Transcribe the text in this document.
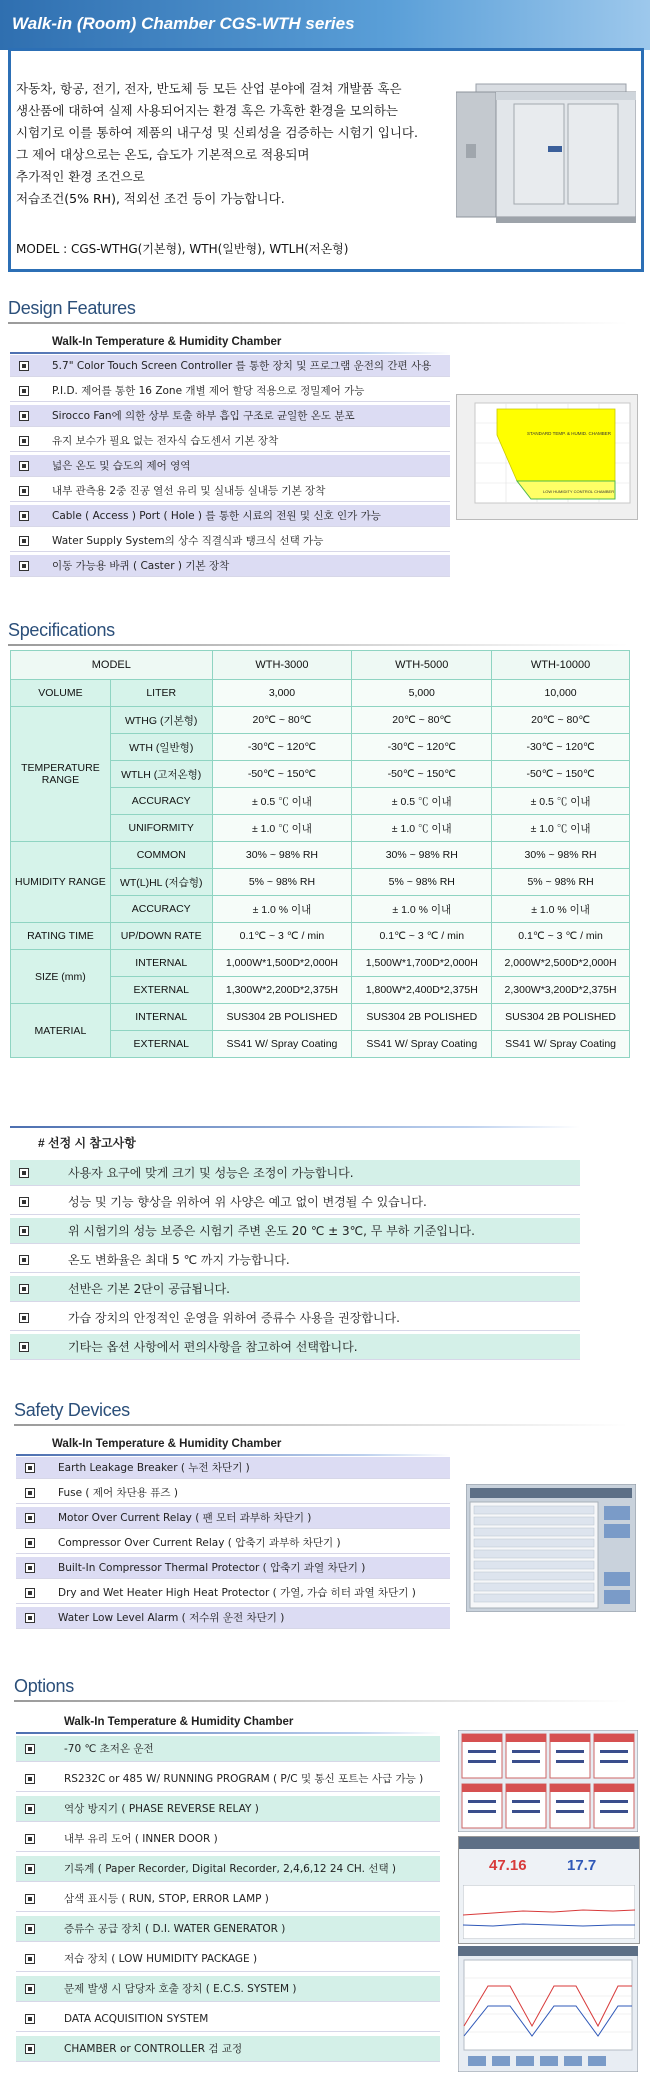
Walk-in (Room) Chamber CGS-WTH series
자동차, 항공, 전기, 전자, 반도체 등 모든 산업 분야에 걸쳐 개발품 혹은
생산품에 대하여 실제 사용되어지는 환경 혹은 가혹한 환경을 모의하는
시험기로 이를 통하여 제품의 내구성 및 신뢰성을 검증하는 시험기 입니다.
그 제어 대상으로는 온도, 습도가 기본적으로 적용되며
추가적인 환경 조건으로
저습조건(5% RH), 적외선 조건 등이 가능합니다.
MODEL : CGS-WTHG(기본형), WTH(일반형), WTLH(저온형)
Design Features
Walk-In Temperature & Humidity Chamber
5.7" Color Touch Screen Controller 를 통한 장치 및 프로그램 운전의 간편 사용
P.I.D. 제어를 통한 16 Zone 개별 제어 할당 적용으로 정밀제어 가능
Sirocco Fan에 의한 상부 토출 하부 흡입 구조로 균일한 온도 분포
유지 보수가 필요 없는 전자식 습도센서 기본 장착
넓은 온도 및 습도의 제어 영역
내부 관측용 2중 진공 열선 유리 및 실내등 실내등 기본 장착
Cable ( Access ) Port ( Hole ) 를 통한 시료의 전원 및 신호 인가 가능
Water Supply System의 상수 직결식과 탱크식 선택 가능
이동 가능용 바퀴 ( Caster ) 기본 장착
STANDARD TEMP. & HUMID. CHAMBER
LOW HUMIDITY CONTROL CHAMBER
Specifications
MODEL		WTH-3000	WTH-5000	WTH-10000
VOLUME	LITER	3,000	5,000	10,000
TEMPERATURE RANGE	WTHG (기본형)	20℃ ~ 80℃	20℃ ~ 80℃	20℃ ~ 80℃
	WTH (일반형)	-30℃ ~ 120℃	-30℃ ~ 120℃	-30℃ ~ 120℃
	WTLH (고저온형)	-50℃ ~ 150℃	-50℃ ~ 150℃	-50℃ ~ 150℃
	ACCURACY	± 0.5 ℃ 이내	± 0.5 ℃ 이내	± 0.5 ℃ 이내
	UNIFORMITY	± 1.0 ℃ 이내	± 1.0 ℃ 이내	± 1.0 ℃ 이내
HUMIDITY RANGE	COMMON	30% ~ 98% RH	30% ~ 98% RH	30% ~ 98% RH
	WT(L)HL (저습형)	5% ~ 98% RH	5% ~ 98% RH	5% ~ 98% RH
	ACCURACY	± 1.0 % 이내	± 1.0 % 이내	± 1.0 % 이내
RATING TIME	UP/DOWN RATE	0.1℃ ~ 3 ℃ / min	0.1℃ ~ 3 ℃ / min	0.1℃ ~ 3 ℃ / min
SIZE (mm)	INTERNAL	1,000W*1,500D*2,000H	1,500W*1,700D*2,000H	2,000W*2,500D*2,000H
	EXTERNAL	1,300W*2,200D*2,375H	1,800W*2,400D*2,375H	2,300W*3,200D*2,375H
MATERIAL	INTERNAL	SUS304 2B POLISHED	SUS304 2B POLISHED	SUS304 2B POLISHED
	EXTERNAL	SS41 W/ Spray Coating	SS41 W/ Spray Coating	SS41 W/ Spray Coating
# 선정 시 참고사항
사용자 요구에 맞게 크기 및 성능은 조정이 가능합니다.
성능 및 기능 향상을 위하여 위 사양은 예고 없이 변경될 수 있습니다.
위 시험기의 성능 보증은 시험기 주변 온도 20 ℃ ± 3℃, 무 부하 기준입니다.
온도 변화율은 최대 5 ℃ 까지 가능합니다.
선반은 기본 2단이 공급됩니다.
가습 장치의 안정적인 운영을 위하여 증류수 사용을 권장합니다.
기타는 옵션 사항에서 편의사항을 참고하여 선택합니다.
Safety Devices
Walk-In Temperature & Humidity Chamber
Earth Leakage Breaker ( 누전 차단기 )
Fuse ( 제어 차단용 퓨즈 )
Motor Over Current Relay ( 팬 모터 과부하 차단기 )
Compressor Over Current Relay ( 압축기 과부하 차단기 )
Built-In Compressor Thermal Protector ( 압축기 과열 차단기 )
Dry and Wet Heater High Heat Protector ( 가열, 가습 히터 과열 차단기 )
Water Low Level Alarm ( 저수위 운전 차단기 )
Options
Walk-In Temperature & Humidity Chamber
-70 ℃ 초저온 운전
RS232C or 485 W/ RUNNING PROGRAM ( P/C 및 통신 포트는 사급 가능 )
역상 방지기 ( PHASE REVERSE RELAY )
내부 유리 도어 ( INNER DOOR )
기록계 ( Paper Recorder, Digital Recorder, 2,4,6,12 24 CH. 선택 )
삼색 표시등 ( RUN, STOP, ERROR LAMP )
증류수 공급 장치 ( D.I. WATER GENERATOR )
저습 장치 ( LOW HUMIDITY PACKAGE )
문제 발생 시 담당자 호출 장치 ( E.C.S. SYSTEM )
DATA ACQUISITION SYSTEM
CHAMBER or CONTROLLER 검 교정
47.16	17.7
